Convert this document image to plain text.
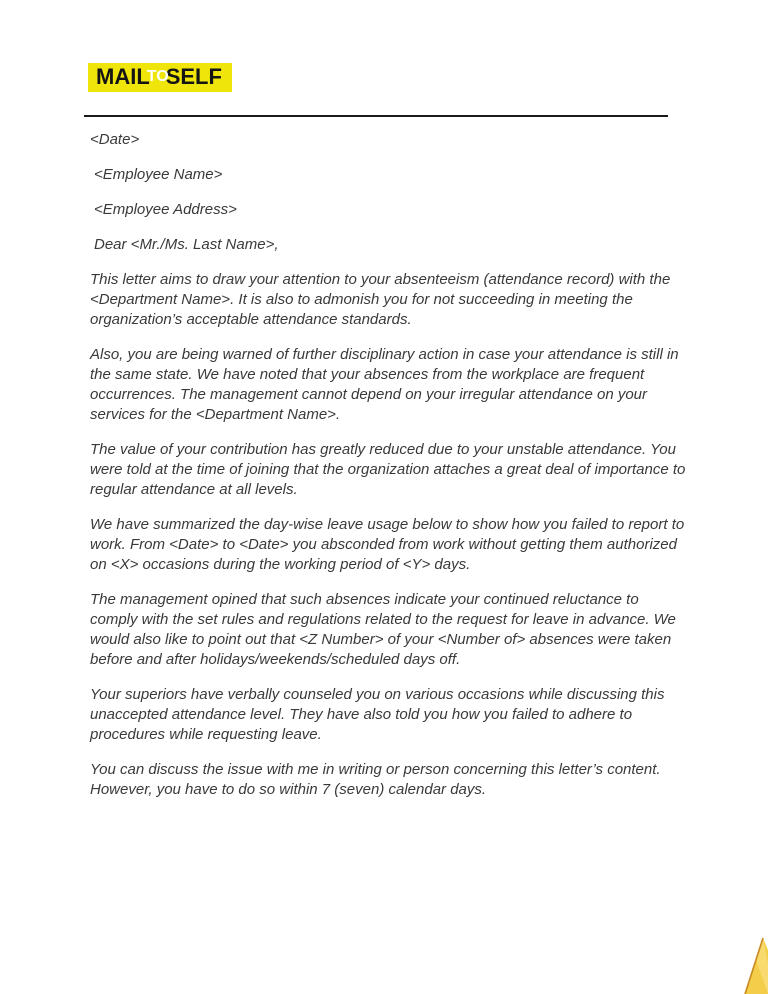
MAIL
TO
SELF

<Date>

<Employee Name>

<Employee Address>

Dear <Mr./Ms. Last Name>,

This letter aims to draw your attention to your absenteeism (attendance record) with the <Department Name>. It is also to admonish you for not succeeding in meeting the organization’s acceptable attendance standards.

Also, you are being warned of further disciplinary action in case your attendance is still in the same state. We have noted that your absences from the workplace are frequent occurrences. The management cannot depend on your irregular attendance on your services for the <Department Name>.

The value of your contribution has greatly reduced due to your unstable attendance. You were told at the time of joining that the organization attaches a great deal of importance to regular attendance at all levels.

We have summarized the day-wise leave usage below to show how you failed to report to work. From <Date> to <Date> you absconded from work without getting them authorized on <X> occasions during the working period of <Y> days.

The management opined that such absences indicate your continued reluctance to comply with the set rules and regulations related to the request for leave in advance. We would also like to point out that <Z Number> of your <Number of> absences were taken before and after holidays/weekends/scheduled days off.

Your superiors have verbally counseled you on various occasions while discussing this unaccepted attendance level. They have also told you how you failed to adhere to procedures while requesting leave.

You can discuss the issue with me in writing or person concerning this letter’s content. However, you have to do so within 7 (seven) calendar days.
